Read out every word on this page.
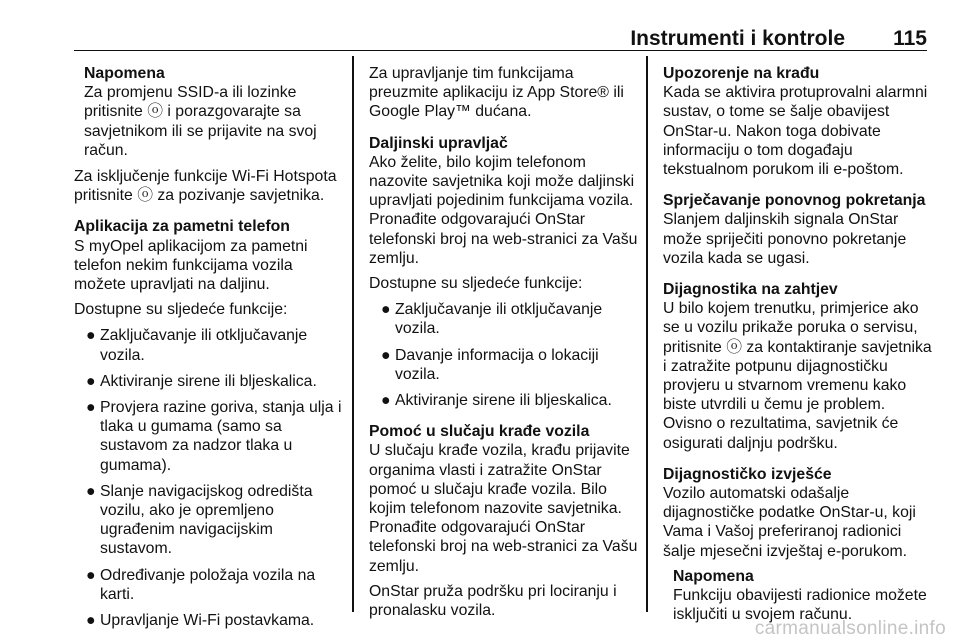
Instrumenti i kontrole 115
Napomena
Za promjenu SSID-a ili lozinke pritisnite ⓞ i porazgovarajte sa savjetnikom ili se prijavite na svoj račun.

Za isključenje funkcije Wi-Fi Hotspota pritisnite ⓞ za pozivanje savjetnika.

Aplikacija za pametni telefon

S myOpel aplikacijom za pametni telefon nekim funkcijama vozila možete upravljati na daljinu.

Dostupne su sljedeće funkcije:

● Zaključavanje ili otključavanje vozila.
● Aktiviranje sirene ili bljeskalica.
● Provjera razine goriva, stanja ulja i tlaka u gumama (samo sa sustavom za nadzor tlaka u gumama).
● Slanje navigacijskog odredišta vozilu, ako je opremljeno ugrađenim navigacijskim sustavom.
● Određivanje položaja vozila na karti.
● Upravljanje Wi-Fi postavkama.

Za upravljanje tim funkcijama preuzmite aplikaciju iz App Store® ili Google Play™ dućana.

Daljinski upravljač

Ako želite, bilo kojim telefonom nazovite savjetnika koji može daljinski upravljati pojedinim funkcijama vozila. Pronađite odgovarajući OnStar telefonski broj na web-stranici za Vašu zemlju.

Dostupne su sljedeće funkcije:

● Zaključavanje ili otključavanje vozila.
● Davanje informacija o lokaciji vozila.
● Aktiviranje sirene ili bljeskalica.
Pomoć u slučaju krađe vozila

U slučaju krađe vozila, krađu prijavite organima vlasti i zatražite OnStar pomoć u slučaju krađe vozila. Bilo kojim telefonom nazovite savjetnika. Pronađite odgovarajući OnStar telefonski broj na web-stranici za Vašu zemlju.

OnStar pruža podršku pri lociranju i pronalasku vozila.

Upozorenje na krađu

Kada se aktivira protuprovalni alarmni sustav, o tome se šalje obavijest OnStar-u. Nakon toga dobivate informaciju o tom događaju tekstualnom porukom ili e-poštom.

Sprječavanje ponovnog pokretanja

Slanjem daljinskih signala OnStar može spriječiti ponovno pokretanje vozila kada se ugasi.

Dijagnostika na zahtjev

U bilo kojem trenutku, primjerice ako se u vozilu prikaže poruka o servisu, pritisnite ⓞ za kontaktiranje savjetnika i zatražite potpunu dijagnostičku provjeru u stvarnom vremenu kako biste utvrdili u čemu je problem. Ovisno o rezultatima, savjetnik će osigurati daljnju podršku.

Dijagnostičko izvješće

Vozilo automatski odašalje dijagnostičke podatke OnStar-u, koji Vama i Vašoj preferiranoj radionici šalje mjesečni izvještaj e-porukom.

Napomena
Funkciju obavijesti radionice možete isključiti u svojem računu.
carmanualsonline.info
